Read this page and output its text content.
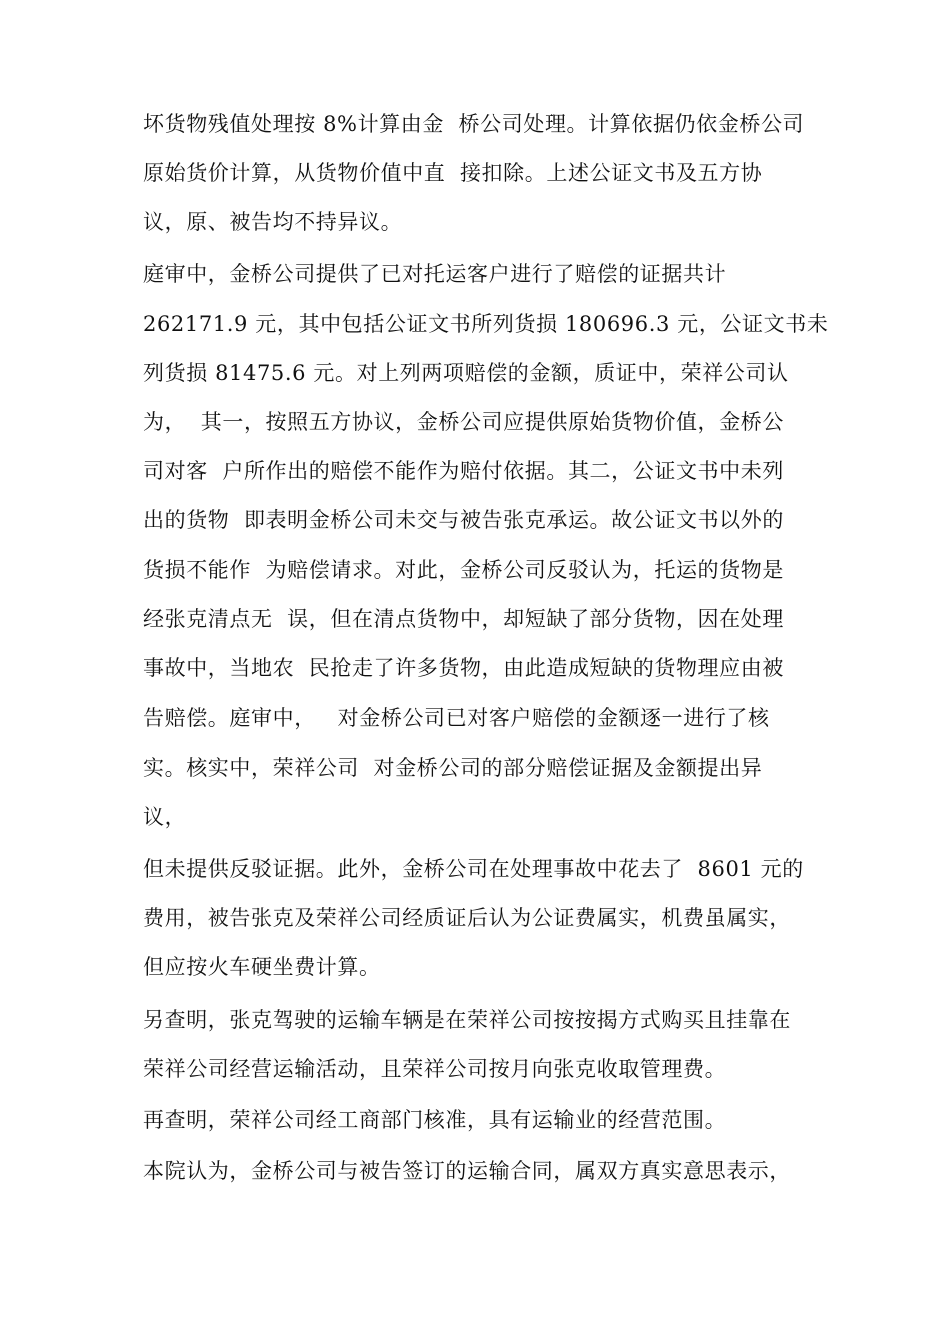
坏货物残值处理按 8%计算由金  桥公司处理。计算依据仍依金桥公司

原始货价计算，从货物价值中直  接扣除。上述公证文书及五方协

议，原、被告均不持异议。

庭审中，金桥公司提供了已对托运客户进行了赔偿的证据共计

262171.9 元，其中包括公证文书所列货损 180696.3 元，公证文书未

列货损 81475.6 元。对上列两项赔偿的金额，质证中，荣祥公司认

为，  其一，按照五方协议，金桥公司应提供原始货物价值，金桥公

司对客  户所作出的赔偿不能作为赔付依据。其二，公证文书中未列

出的货物  即表明金桥公司未交与被告张克承运。故公证文书以外的

货损不能作  为赔偿请求。对此，金桥公司反驳认为，托运的货物是

经张克清点无  误，但在清点货物中，却短缺了部分货物，因在处理

事故中，当地农  民抢走了许多货物，由此造成短缺的货物理应由被

告赔偿。庭审中，   对金桥公司已对客户赔偿的金额逐一进行了核

实。核实中，荣祥公司  对金桥公司的部分赔偿证据及金额提出异

议，

但未提供反驳证据。此外，金桥公司在处理事故中花去了  8601 元的

费用，被告张克及荣祥公司经质证后认为公证费属实，机费虽属实，

但应按火车硬坐费计算。

另查明，张克驾驶的运输车辆是在荣祥公司按按揭方式购买且挂靠在

荣祥公司经营运输活动，且荣祥公司按月向张克收取管理费。

再查明，荣祥公司经工商部门核准，具有运输业的经营范围。

本院认为，金桥公司与被告签订的运输合同，属双方真实意思表示，
